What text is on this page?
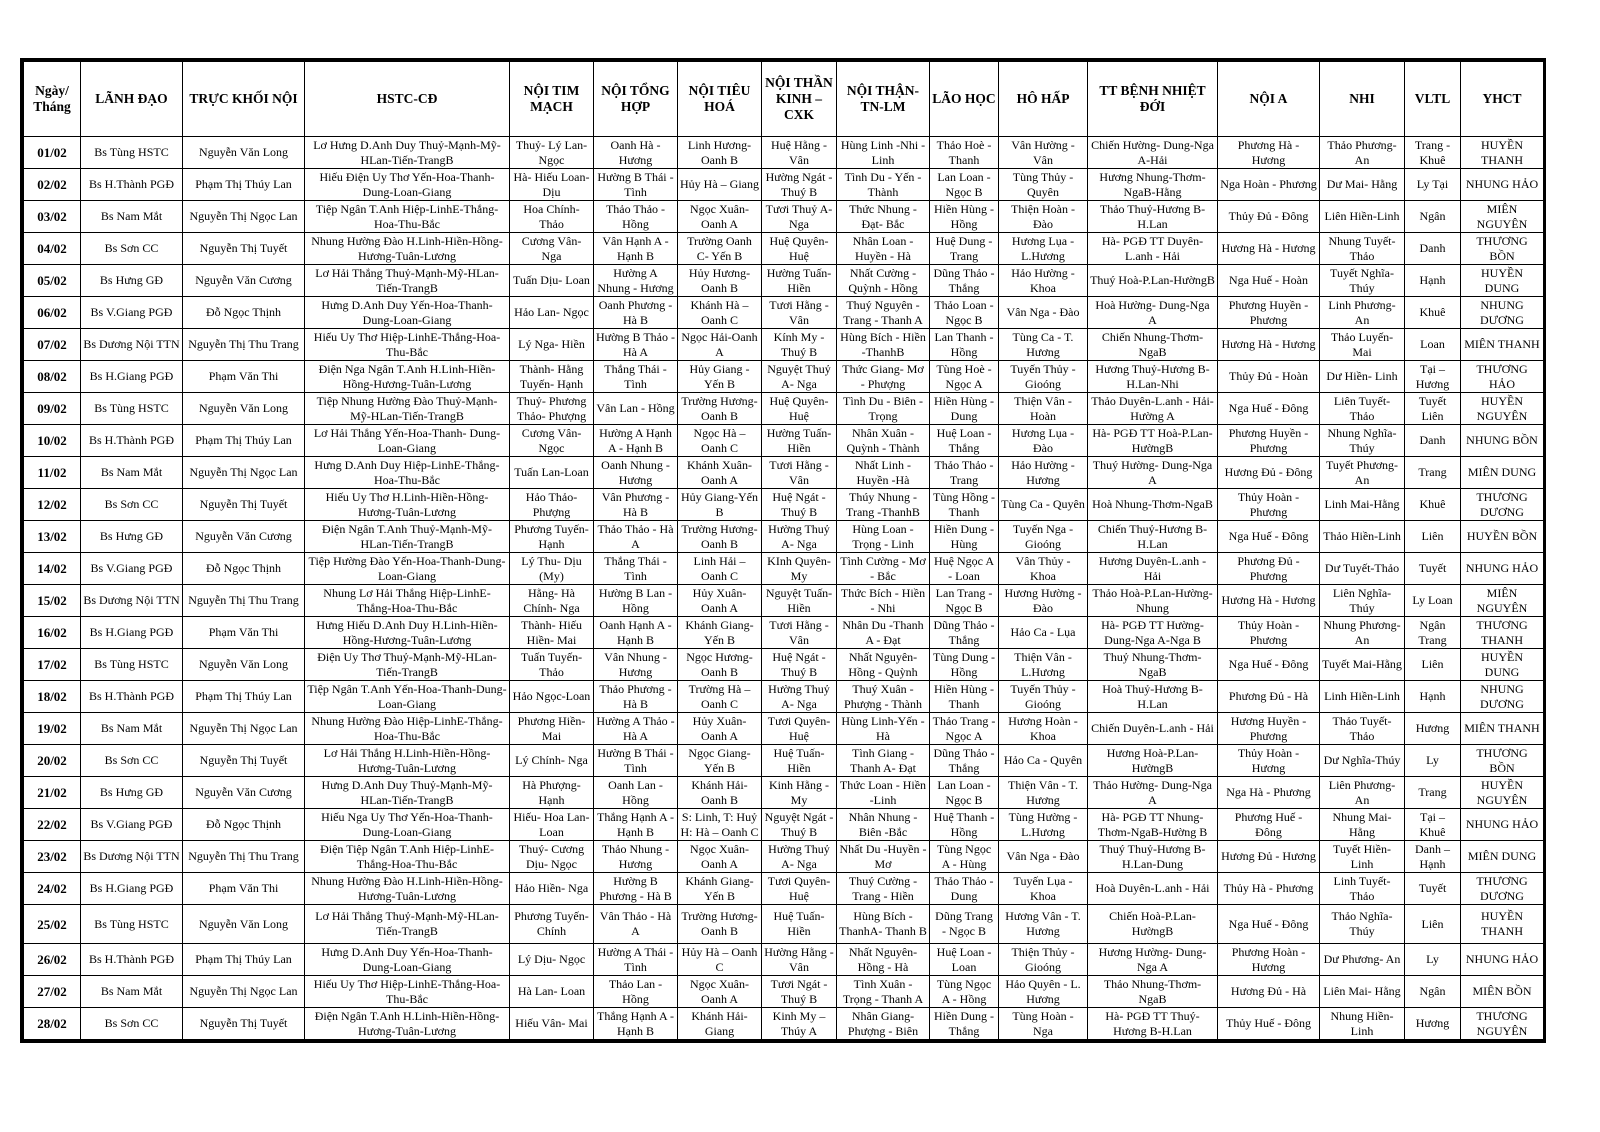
Ngày/ Tháng	LÃNH ĐẠO	TRỰC KHỐI NỘI	HSTC-CĐ	NỘI TIM MẠCH	NỘI TỔNG HỢP	NỘI TIÊU HOÁ	NỘI THẦN KINH – CXK	NỘI THẬN-TN-LM	LÃO HỌC	HÔ HẤP	TT BỆNH NHIỆT ĐỚI	NỘI A	NHI	VLTL	YHCT
01/02	Bs Tùng HSTC	Nguyễn Văn Long	Lơ Hưng D.Anh Duy Thuỷ-Mạnh-Mỹ-HLan-Tiến-TrangB	Thuỷ- Lý Lan-Ngọc	Oanh Hà - Hương	Linh Hương-Oanh B	Huệ Hằng - Vân	Hùng Linh -Nhi -Linh	Thảo Hoè - Thanh	Vân Hường - Vân	Chiến Hường- Dung-Nga A-Hải	Phương Hà - Hương	Thảo Phương-An	Trang - Khuê	HUYỀN THANH
02/02	Bs H.Thành PGĐ	Phạm Thị Thúy Lan	Hiếu Điện Uy Thơ Yến-Hoa-Thanh-Dung-Loan-Giang	Hà- Hiếu Loan-Dịu	Hường B Thái - Tình	Hủy Hà – Giang	Hường Ngát - Thuý B	Tình Du - Yến - Thành	Lan Loan - Ngọc B	Tùng Thủy - Quyên	Hương Nhung-Thơm-NgaB-Hằng	Nga Hoàn - Phương	Dư Mai- Hằng	Ly Tại	NHUNG HẢO
03/02	Bs Nam Mắt	Nguyễn Thị Ngọc Lan	Tiệp Ngân T.Anh Hiệp-LinhE-Thắng-Hoa-Thu-Bắc	Hoa Chính-Thảo	Thảo Thảo - Hồng	Ngọc Xuân-Oanh A	Tươi Thuỷ A-Nga	Thức Nhung - Đạt- Bắc	Hiền Hùng - Hồng	Thiện Hoàn - Đào	Thảo Thuỷ-Hương B-H.Lan	Thủy Đủ - Đông	Liên Hiền-Linh	Ngân	MIÊN NGUYÊN
04/02	Bs Sơn CC	Nguyễn Thị Tuyết	Nhung Hường Đào H.Linh-Hiền-Hồng-Hương-Tuân-Lương	Cương Vân-Nga	Vân Hạnh A - Hạnh B	Trường Oanh C- Yến B	Huệ Quyên-Huệ	Nhân Loan - Huyền - Hà	Huệ Dung - Trang	Hương Lụa - L.Hương	Hà- PGĐ TT Duyên-L.anh - Hải	Hương Hà - Hương	Nhung Tuyết-Thảo	Danh	THƯƠNG BỒN
05/02	Bs Hưng GĐ	Nguyễn Văn Cương	Lơ Hải Thắng Thuỷ-Mạnh-Mỹ-HLan-Tiến-TrangB	Tuấn Dịu- Loan	Hường A Nhung - Hương	Hủy Hương-Oanh B	Hường Tuấn-Hiền	Nhất Cường - Quỳnh - Hồng	Dũng Thảo - Thắng	Hảo Hường - Khoa	Thuý Hoà-P.Lan-HườngB	Nga Huế - Hoàn	Tuyết Nghĩa-Thúy	Hạnh	HUYỀN DUNG
06/02	Bs V.Giang PGĐ	Đỗ Ngọc Thịnh	Hưng D.Anh Duy Yến-Hoa-Thanh-Dung-Loan-Giang	Hảo Lan- Ngọc	Oanh Phương - Hà B	Khánh Hà – Oanh C	Tươi Hằng - Vân	Thuý Nguyên - Trang - Thanh A	Thảo Loan - Ngọc B	Vân Nga - Đào	Hoà Hường- Dung-Nga A	Phương Huyền - Phương	Linh Phương-An	Khuê	NHUNG DƯƠNG
07/02	Bs Dương Nội TTN	Nguyễn Thị Thu Trang	Hiếu Uy Thơ Hiệp-LinhE-Thắng-Hoa-Thu-Bắc	Lý Nga- Hiền	Hường B Thảo - Hà A	Ngọc Hải-Oanh A	Kính My - Thuý B	Hùng Bích - Hiền -ThanhB	Lan Thanh - Hồng	Tùng Ca - T. Hương	Chiến Nhung-Thơm-NgaB	Hương Hà - Hương	Thảo Luyến-Mai	Loan	MIÊN THANH
08/02	Bs H.Giang PGĐ	Phạm Văn Thi	Điện Nga Ngân T.Anh H.Linh-Hiền-Hồng-Hương-Tuân-Lương	Thành- Hằng Tuyến- Hạnh	Thắng Thái - Tình	Hủy Giang - Yến B	Nguyệt Thuỷ A- Nga	Thức Giang- Mơ - Phượng	Tùng Hoè - Ngọc A	Tuyến Thủy - Gioóng	Hương Thuỷ-Hương B-H.Lan-Nhi	Thủy Đủ - Hoàn	Dư Hiền- Linh	Tại – Hương	THƯƠNG HẢO
09/02	Bs Tùng HSTC	Nguyễn Văn Long	Tiệp Nhung Hường Đào Thuỷ-Mạnh-Mỹ-HLan-Tiến-TrangB	Thuỷ- Phương Thảo- Phượng	Vân Lan - Hồng	Trường Hương-Oanh B	Huệ Quyên-Huệ	Tình Du - Biên - Trọng	Hiền Hùng - Dung	Thiện Vân - Hoàn	Thảo Duyên-L.anh - Hải-Hường A	Nga Huế - Đông	Liên Tuyết-Thảo	Tuyết Liên	HUYỀN NGUYÊN
10/02	Bs H.Thành PGĐ	Phạm Thị Thúy Lan	Lơ Hải Thắng Yến-Hoa-Thanh- Dung-Loan-Giang	Cương Vân-Ngọc	Hường A Hạnh A - Hạnh B	Ngọc Hà – Oanh C	Hường Tuấn-Hiền	Nhân Xuân - Quỳnh - Thành	Huệ Loan - Thắng	Hương Lụa - Đào	Hà- PGĐ TT Hoà-P.Lan-HườngB	Phương Huyền - Phương	Nhung Nghĩa-Thúy	Danh	NHUNG BỒN
11/02	Bs Nam Mắt	Nguyễn Thị Ngọc Lan	Hưng D.Anh Duy Hiệp-LinhE-Thắng-Hoa-Thu-Bắc	Tuấn Lan-Loan	Oanh Nhung - Hương	Khánh Xuân-Oanh A	Tươi Hằng - Vân	Nhất Linh - Huyền -Hà	Thảo Thảo - Trang	Hảo Hường - Hương	Thuý Hường- Dung-Nga A	Hương Đủ - Đông	Tuyết Phương-An	Trang	MIÊN DUNG
12/02	Bs Sơn CC	Nguyễn Thị Tuyết	Hiếu Uy Thơ H.Linh-Hiền-Hồng-Hương-Tuân-Lương	Hảo Thảo-Phượng	Vân Phương - Hà B	Hủy Giang-Yến B	Huệ Ngát - Thuý B	Thúy Nhung - Trang -ThanhB	Tùng Hồng - Thanh	Tùng Ca - Quyên	Hoà Nhung-Thơm-NgaB	Thủy Hoàn - Phương	Linh Mai-Hằng	Khuê	THƯƠNG DƯƠNG
13/02	Bs Hưng GĐ	Nguyễn Văn Cương	Điện Ngân T.Anh Thuỷ-Mạnh-Mỹ-HLan-Tiến-TrangB	Phương Tuyến-Hạnh	Thảo Thảo - Hà A	Trường Hương-Oanh B	Hường Thuỷ A- Nga	Hùng Loan - Trọng - Linh	Hiền Dung - Hùng	Tuyến Nga - Gioóng	Chiến Thuỷ-Hương B-H.Lan	Nga Huế - Đông	Thảo Hiền-Linh	Liên	HUYỀN BỒN
14/02	Bs V.Giang PGĐ	Đỗ Ngọc Thịnh	Tiệp Hường Đào Yến-Hoa-Thanh-Dung-Loan-Giang	Lý Thu- Dịu (My)	Thắng Thái - Tình	Linh Hải – Oanh C	KInh Quyên-My	Tình Cường - Mơ - Bắc	Huệ Ngọc A - Loan	Vân Thủy - Khoa	Hương Duyên-L.anh - Hải	Phương Đủ - Phương	Dư Tuyết-Thảo	Tuyết	NHUNG HẢO
15/02	Bs Dương Nội TTN	Nguyễn Thị Thu Trang	Nhung Lơ Hải Thắng Hiệp-LinhE-Thắng-Hoa-Thu-Bắc	Hằng- Hà Chính- Nga	Hường B Lan - Hồng	Hủy Xuân-Oanh A	Nguyệt Tuấn-Hiền	Thức Bích - Hiền - Nhi	Lan Trang - Ngọc B	Hương Hường - Đào	Thảo Hoà-P.Lan-Hường-Nhung	Hương Hà - Hương	Liên Nghĩa-Thúy	Ly Loan	MIÊN NGUYÊN
16/02	Bs H.Giang PGĐ	Phạm Văn Thi	Hưng Hiếu D.Anh Duy H.Linh-Hiền-Hồng-Hương-Tuân-Lương	Thành- Hiếu Hiền- Mai	Oanh Hạnh A - Hạnh B	Khánh Giang-Yến B	Tươi Hằng - Vân	Nhân Du -Thanh A - Đạt	Dũng Thảo - Thắng	Hảo Ca - Lụa	Hà- PGĐ TT Hường-Dung-Nga A-Nga B	Thủy Hoàn - Phương	Nhung Phương-An	Ngân Trang	THƯƠNG THANH
17/02	Bs Tùng HSTC	Nguyễn Văn Long	Điện Uy Thơ Thuỷ-Mạnh-Mỹ-HLan-Tiến-TrangB	Tuấn Tuyến-Thảo	Vân Nhung - Hương	Ngọc Hương-Oanh B	Huệ Ngát - Thuý B	Nhất Nguyên-Hồng - Quỳnh	Tùng Dung - Hồng	Thiện Vân - L.Hương	Thuỷ Nhung-Thơm-NgaB	Nga Huế - Đông	Tuyết Mai-Hằng	Liên	HUYỀN DUNG
18/02	Bs H.Thành PGĐ	Phạm Thị Thúy Lan	Tiệp Ngân T.Anh Yến-Hoa-Thanh-Dung-Loan-Giang	Hảo Ngọc-Loan	Thảo Phương - Hà B	Trường Hà – Oanh C	Hường Thuỷ A- Nga	Thuý Xuân - Phượng - Thành	Hiền Hùng - Thanh	Tuyến Thủy - Gioóng	Hoà Thuỷ-Hương B-H.Lan	Phương Đủ - Hà	Linh Hiền-Linh	Hạnh	NHUNG DƯƠNG
19/02	Bs Nam Mắt	Nguyễn Thị Ngọc Lan	Nhung Hường Đào Hiệp-LinhE-Thắng-Hoa-Thu-Bắc	Phương Hiền-Mai	Hường A Thảo - Hà A	Hủy Xuân-Oanh A	Tươi Quyên-Huệ	Hùng Linh-Yến - Hà	Thảo Trang - Ngọc A	Hương Hoàn - Khoa	Chiến Duyên-L.anh - Hải	Hương Huyền - Phương	Thảo Tuyết-Thảo	Hương	MIÊN THANH
20/02	Bs Sơn CC	Nguyễn Thị Tuyết	Lơ Hải Thắng H.Linh-Hiền-Hồng-Hương-Tuân-Lương	Lý Chính- Nga	Hường B Thái - Tình	Ngọc Giang-Yến B	Huệ Tuấn-Hiền	Tình Giang - Thanh A- Đạt	Dũng Thảo - Thắng	Hảo Ca - Quyên	Hương Hoà-P.Lan-HườngB	Thủy Hoàn - Hương	Dư Nghĩa-Thúy	Ly	THƯƠNG BỒN
21/02	Bs Hưng GĐ	Nguyễn Văn Cương	Hưng D.Anh Duy Thuỷ-Mạnh-Mỹ-HLan-Tiến-TrangB	Hà Phượng-Hạnh	Oanh Lan - Hồng	Khánh Hải-Oanh B	Kinh Hằng - My	Thức Loan - Hiền -Linh	Lan Loan - Ngọc B	Thiện Vân - T. Hương	Thảo Hường- Dung-Nga A	Nga Hà - Phương	Liên Phương-An	Trang	HUYỀN NGUYÊN
22/02	Bs V.Giang PGĐ	Đỗ Ngọc Thịnh	Hiếu Nga Uy Thơ Yến-Hoa-Thanh-Dung-Loan-Giang	Hiếu- Hoa Lan-Loan	Thắng Hạnh A - Hạnh B	S: Linh, T: Huỷ H: Hà – Oanh C	Nguyệt Ngát -Thuý B	Nhân Nhung - Biên -Bắc	Huệ Thanh - Hồng	Tùng Hường - L.Hương	Hà- PGĐ TT Nhung-Thơm-NgaB-Hường B	Phương Huế - Đông	Nhung Mai-Hằng	Tại – Khuê	NHUNG HẢO
23/02	Bs Dương Nội TTN	Nguyễn Thị Thu Trang	Điện Tiệp Ngân T.Anh Hiệp-LinhE-Thắng-Hoa-Thu-Bắc	Thuý- Cương Dịu- Ngọc	Thảo Nhung - Hương	Ngọc Xuân-Oanh A	Hường Thuỷ A- Nga	Nhất Du -Huyền - Mơ	Tùng Ngọc A - Hùng	Vân Nga - Đào	Thuý Thuỷ-Hương B-H.Lan-Dung	Hương Đủ - Hương	Tuyết Hiền-Linh	Danh – Hạnh	MIÊN DUNG
24/02	Bs H.Giang PGĐ	Phạm Văn Thi	Nhung Hường Đào H.Linh-Hiền-Hồng-Hương-Tuân-Lương	Hảo Hiền- Nga	Hường B Phương - Hà B	Khánh Giang-Yến B	Tươi Quyên-Huệ	Thuý Cường - Trang - Hiền	Thảo Thảo - Dung	Tuyến Lụa - Khoa	Hoà Duyên-L.anh - Hải	Thủy Hà - Phương	Linh Tuyết-Thảo	Tuyết	THƯƠNG DƯƠNG
25/02	Bs Tùng HSTC	Nguyễn Văn Long	Lơ Hải Thắng Thuỷ-Mạnh-Mỹ-HLan-Tiến-TrangB	Phương Tuyến-Chính	Vân Thảo - Hà A	Trường Hương-Oanh B	Huệ Tuấn-Hiền	Hùng Bích - ThanhA- Thanh B	Dũng Trang - Ngọc B	Hương Vân - T. Hương	Chiến Hoà-P.Lan-HườngB	Nga Huế - Đông	Thảo Nghĩa-Thúy	Liên	HUYỀN THANH
26/02	Bs H.Thành PGĐ	Phạm Thị Thúy Lan	Hưng D.Anh Duy Yến-Hoa-Thanh-Dung-Loan-Giang	Lý Dịu- Ngọc	Hường A Thái - Tình	Hủy Hà – Oanh C	Hường Hằng -Vân	Nhất Nguyên-Hồng - Hà	Huệ Loan - Loan	Thiện Thủy - Gioóng	Hương Hường- Dung-Nga A	Phương Hoàn - Hương	Dư Phương- An	Ly	NHUNG HẢO
27/02	Bs Nam Mắt	Nguyễn Thị Ngọc Lan	Hiếu Uy Thơ Hiệp-LinhE-Thắng-Hoa-Thu-Bắc	Hà Lan- Loan	Thảo Lan - Hồng	Ngọc Xuân-Oanh A	Tươi Ngát - Thuý B	Tình Xuân - Trọng - Thanh A	Tùng Ngọc A - Hồng	Hảo Quyên - L. Hương	Thảo Nhung-Thơm-NgaB	Hương Đủ - Hà	Liên Mai- Hằng	Ngân	MIÊN BỒN
28/02	Bs Sơn CC	Nguyễn Thị Tuyết	Điện Ngân T.Anh H.Linh-Hiền-Hồng-Hương-Tuân-Lương	Hiếu Vân- Mai	Thắng Hạnh A - Hạnh B	Khánh Hải-Giang	Kinh My – Thúy A	Nhân Giang-Phượng - Biên	Hiền Dung - Thắng	Tùng Hoàn - Nga	Hà- PGĐ TT Thuý-Hương B-H.Lan	Thủy Huế - Đông	Nhung Hiền-Linh	Hương	THƯƠNG NGUYÊN
